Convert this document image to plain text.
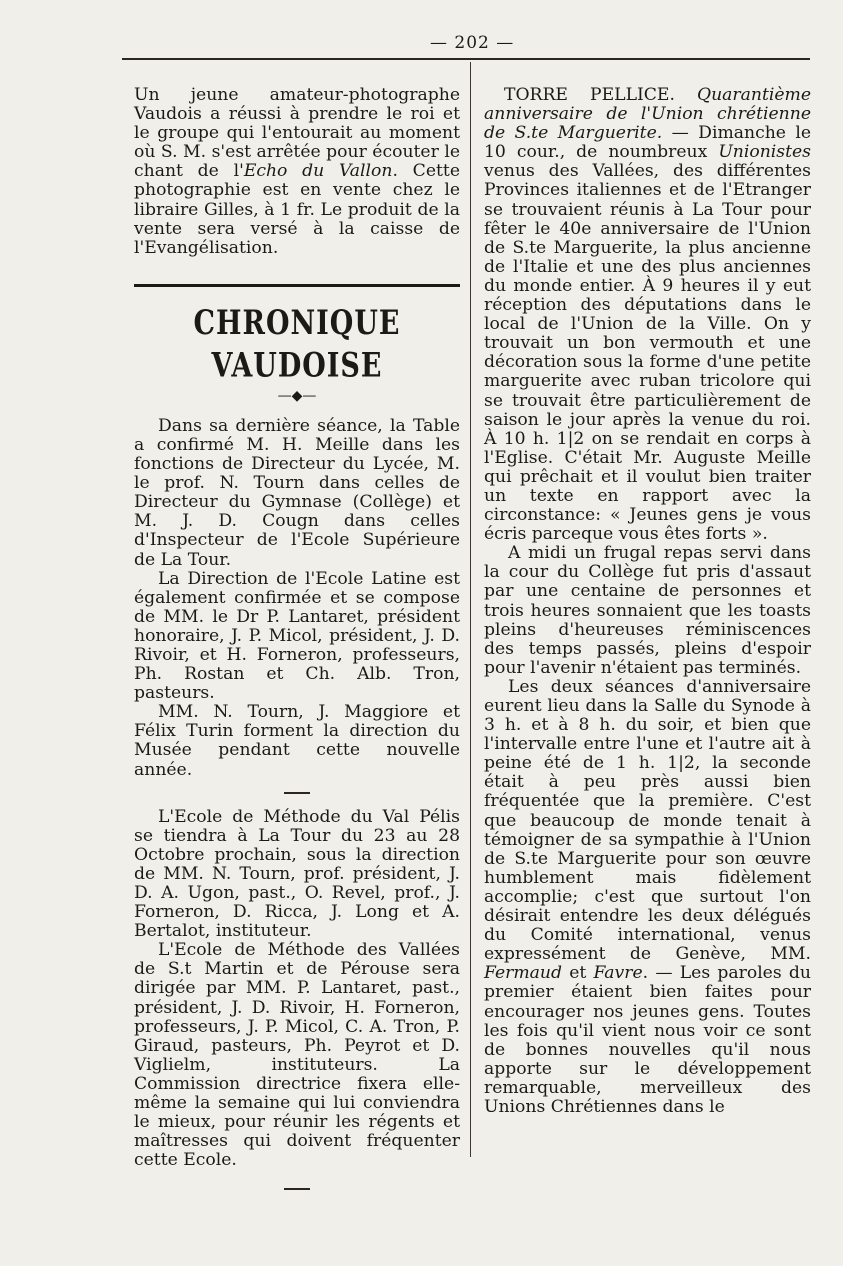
— 202 —

Un jeune amateur-photographe Vaudois a réussi à prendre le roi et le groupe qui l'entourait au moment où S. M. s'est arrêtée pour écouter le chant de l'Echo du Vallon. Cette photographie est en vente chez le libraire Gilles, à 1 fr. Le produit de la vente sera versé à la caisse de l'Evangélisation.

CHRONIQUE VAUDOISE
—◆—

Dans sa dernière séance, la Table a confirmé M. H. Meille dans les fonctions de Directeur du Lycée, M. le prof. N. Tourn dans celles de Directeur du Gymnase (Collège) et M. J. D. Cougn dans celles d'Inspecteur de l'Ecole Supérieure de La Tour.

La Direction de l'Ecole Latine est également confirmée et se compose de MM. le Dr P. Lantaret, président honoraire, J. P. Micol, président, J. D. Rivoir, et H. Forneron, professeurs, Ph. Rostan et Ch. Alb. Tron, pasteurs.

MM. N. Tourn, J. Maggiore et Félix Turin forment la direction du Musée pendant cette nouvelle année.

L'Ecole de Méthode du Val Pélis se tiendra à La Tour du 23 au 28 Octobre prochain, sous la direction de MM. N. Tourn, prof. président, J. D. A. Ugon, past., O. Revel, prof., J. Forneron, D. Ricca, J. Long et A. Bertalot, instituteur.

L'Ecole de Méthode des Vallées de S.t Martin et de Pérouse sera dirigée par MM. P. Lantaret, past., président, J. D. Rivoir, H. Forneron, professeurs, J. P. Micol, C. A. Tron, P. Giraud, pasteurs, Ph. Peyrot et D. Viglielm, instituteurs. La Commission directrice fixera elle-même la semaine qui lui conviendra le mieux, pour réunir les régents et maîtresses qui doivent fréquenter cette Ecole.

TORRE PELLICE. Quarantième anniversaire de l'Union chrétienne de S.te Marguerite. — Dimanche le 10 cour., de noumbreux Unionistes venus des Vallées, des différentes Provinces italiennes et de l'Etranger se trouvaient réunis à La Tour pour fêter le 40e anniversaire de l'Union de S.te Marguerite, la plus ancienne de l'Italie et une des plus anciennes du monde entier. À 9 heures il y eut réception des députations dans le local de l'Union de la Ville. On y trouvait un bon vermouth et une décoration sous la forme d'une petite marguerite avec ruban tricolore qui se trouvait être particulièrement de saison le jour après la venue du roi. À 10 h. 1|2 on se rendait en corps à l'Eglise. C'était Mr. Auguste Meille qui prêchait et il voulut bien traiter un texte en rapport avec la circonstance: « Jeunes gens je vous écris parceque vous êtes forts ».

A midi un frugal repas servi dans la cour du Collège fut pris d'assaut par une centaine de personnes et trois heures sonnaient que les toasts pleins d'heureuses réminiscences des temps passés, pleins d'espoir pour l'avenir n'étaient pas terminés.

Les deux séances d'anniversaire eurent lieu dans la Salle du Synode à 3 h. et à 8 h. du soir, et bien que l'intervalle entre l'une et l'autre ait à peine été de 1 h. 1|2, la seconde était à peu près aussi bien fréquentée que la première. C'est que beaucoup de monde tenait à témoigner de sa sympathie à l'Union de S.te Marguerite pour son œuvre humblement mais fidèlement accomplie; c'est que surtout l'on désirait entendre les deux délégués du Comité international, venus expressément de Genève, MM. Fermaud et Favre. — Les paroles du premier étaient bien faites pour encourager nos jeunes gens. Toutes les fois qu'il vient nous voir ce sont de bonnes nouvelles qu'il nous apporte sur le développement remarquable, merveilleux des Unions Chrétiennes dans le
